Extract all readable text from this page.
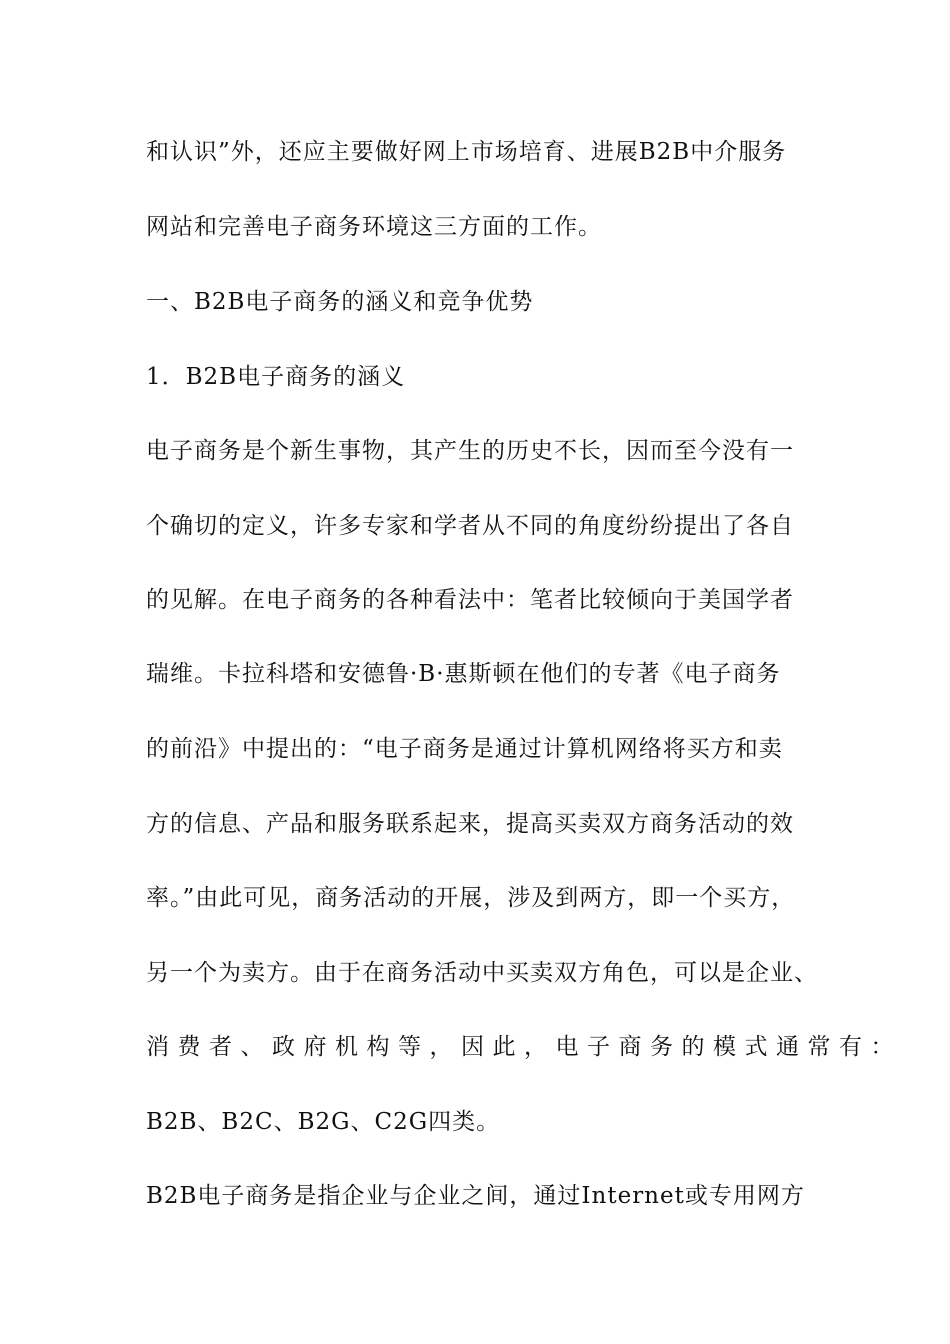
和认识”外，还应主要做好网上市场培育、进展B2B中介服务
网站和完善电子商务环境这三方面的工作。
一、B2B电子商务的涵义和竞争优势
1．B2B电子商务的涵义
电子商务是个新生事物，其产生的历史不长，因而至今没有一
个确切的定义，许多专家和学者从不同的角度纷纷提出了各自
的见解。在电子商务的各种看法中：笔者比较倾向于美国学者
瑞维。卡拉科塔和安德鲁·B·惠斯顿在他们的专著《电子商务
的前沿》中提出的：“电子商务是通过计算机网络将买方和卖
方的信息、产品和服务联系起来，提高买卖双方商务活动的效
率。”由此可见，商务活动的开展，涉及到两方，即一个买方，
另一个为卖方。由于在商务活动中买卖双方角色，可以是企业、
消费者、政府机构等，因此，电子商务的模式通常有：
B2B、B2C、B2G、C2G四类。
B2B电子商务是指企业与企业之间，通过Internet或专用网方
